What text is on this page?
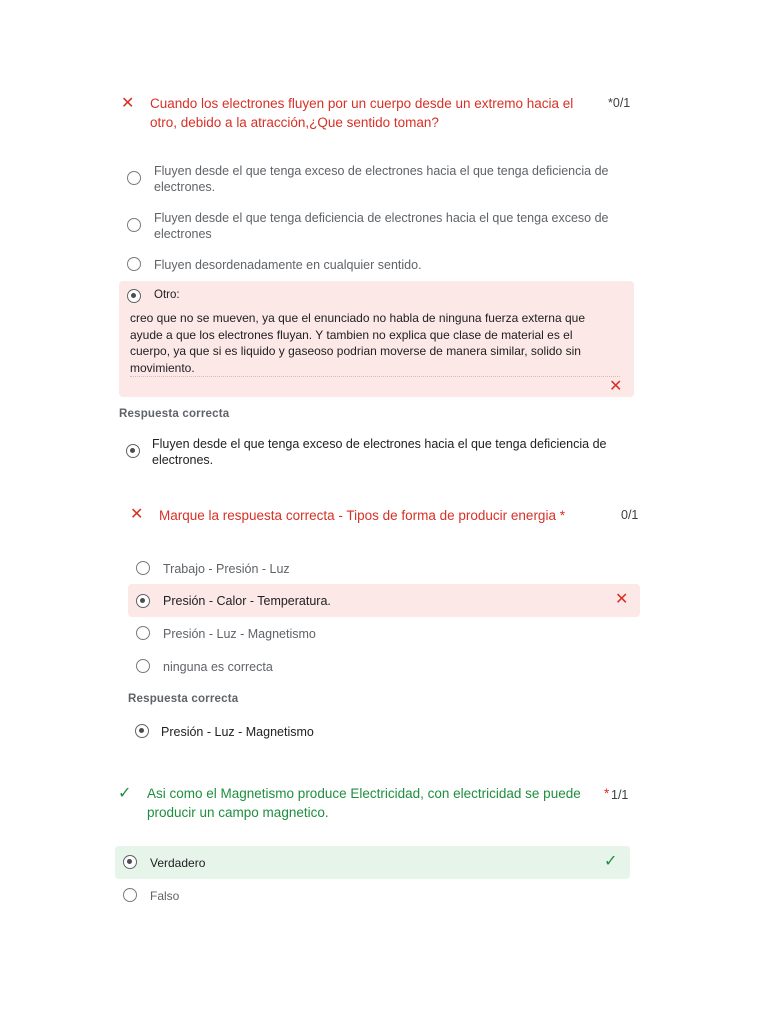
✕ Cuando los electrones fluyen por un cuerpo desde un extremo hacia el
otro, debido a la atracción,¿Que sentido toman?
*0/1
Fluyen desde el que tenga exceso de electrones hacia el que tenga deficiencia de
electrones.
Fluyen desde el que tenga deficiencia de electrones hacia el que tenga exceso de
electrones
Fluyen desordenadamente en cualquier sentido.
Otro:
creo que no se mueven, ya que el enunciado no habla de ninguna fuerza externa que
ayude a que los electrones fluyan. Y tambien no explica que clase de material es el
cuerpo, ya que si es liquido y gaseoso podrian moverse de manera similar, solido sin
movimiento.
✕
Respuesta correcta
Fluyen desde el que tenga exceso de electrones hacia el que tenga deficiencia de
electrones.
✕ Marque la respuesta correcta - Tipos de forma de producir energia *	0/1
Trabajo - Presión - Luz
Presión - Calor - Temperatura.	✕
Presión - Luz - Magnetismo
ninguna es correcta
Respuesta correcta
Presión - Luz - Magnetismo
✓ Asi como el Magnetismo produce Electricidad, con electricidad se puede
producir un campo magnetico.
* 1/1
Verdadero	✓
Falso
